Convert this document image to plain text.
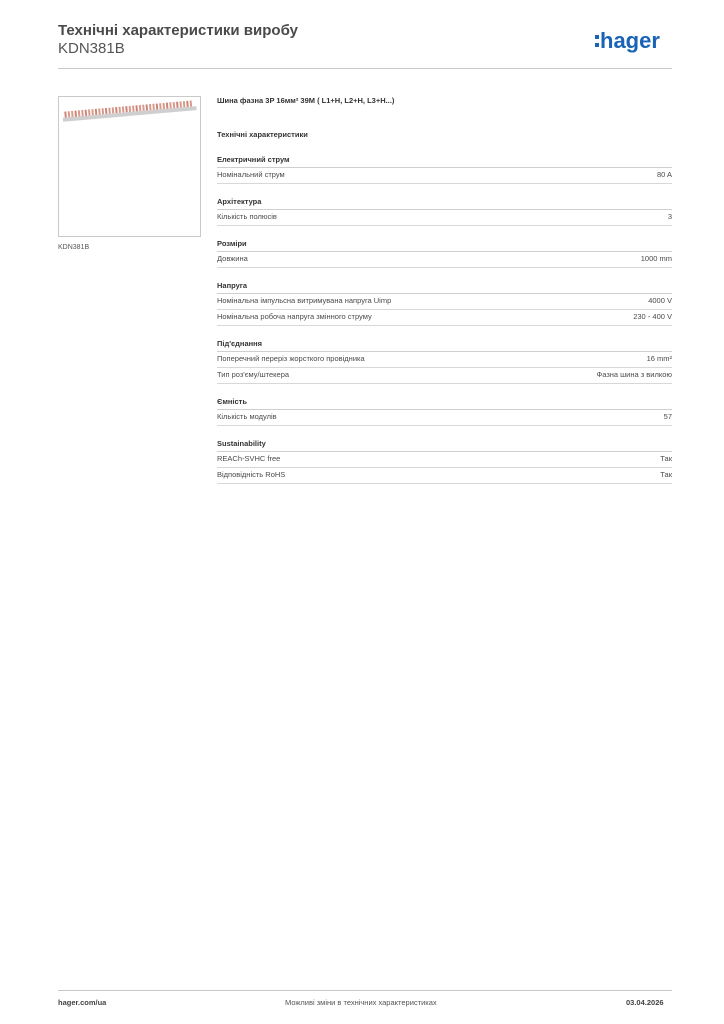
Технічні характеристики виробу
KDN381B	hager
KDN381B
Шина фазна 3P 16мм² 39M ( L1+H, L2+H, L3+H...)
Технічні характеристики
Електричний струм
Номінальний струм	80 A
Архітектура
Кількість полюсів	3
Розміри
Довжина	1000 mm
Напруга
Номінальна імпульсна витримувана напруга Uimp	4000 V
Номінальна робоча напруга змінного струму	230 - 400 V
Під'єднання
Поперечний переріз жорсткого провідника	16 mm²
Тип роз'єму/штекера	Фазна шина з вилкою
Ємність
Кількість модулів	57
Sustainability
REACh-SVHC free	Так
Відповідність RoHS	Так
hager.com/ua	Можливі зміни в технічних характеристиках	03.04.2026
